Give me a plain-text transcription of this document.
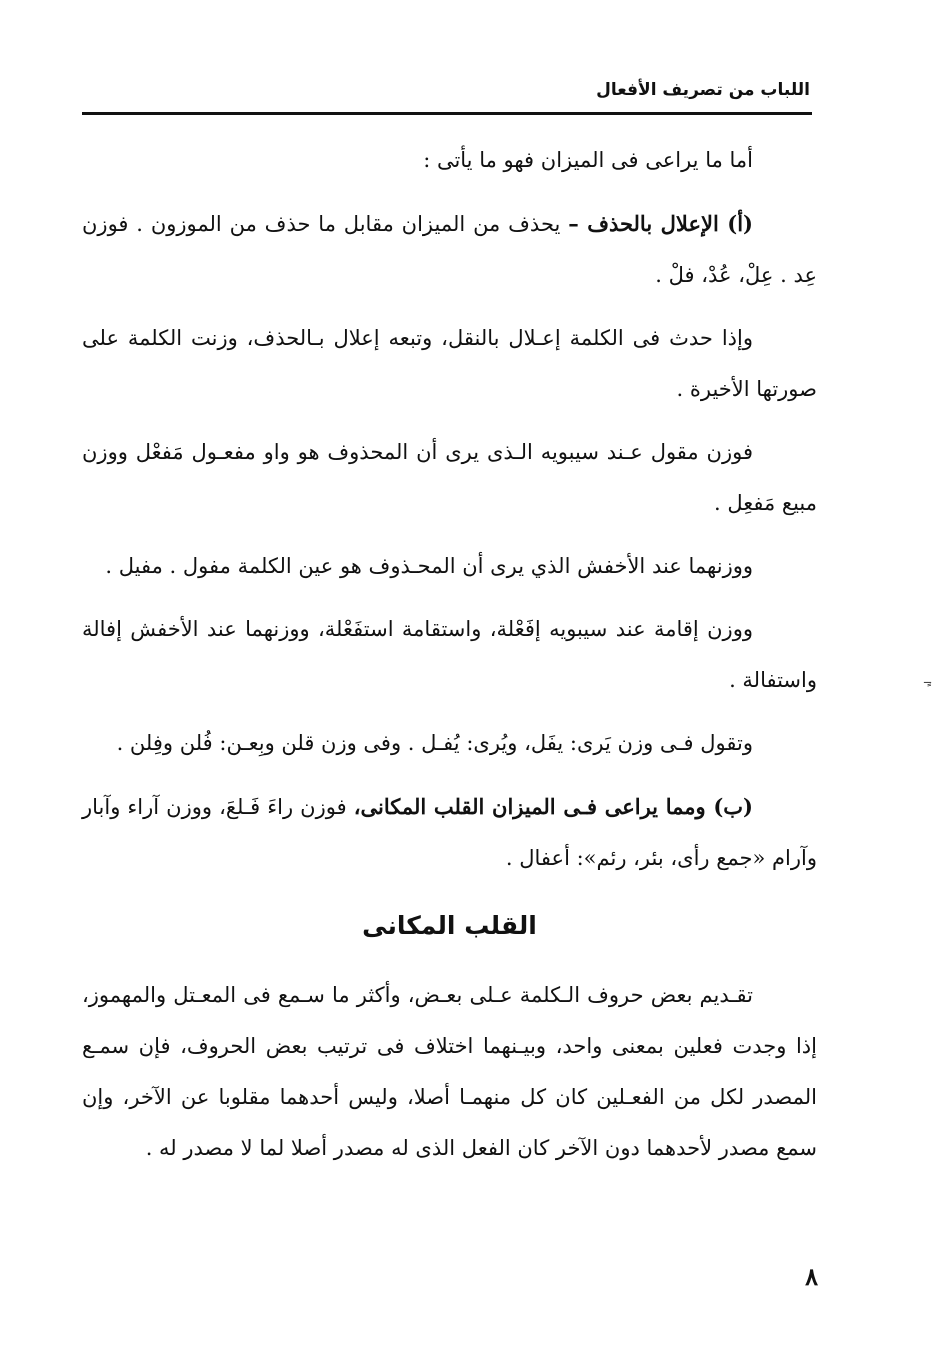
اللباب من تصريف الأفعال

أما ما يراعى فى الميزان فهو ما يأتى :

(أ) الإعلال بالحذف – يحذف من الميزان مقابل ما حذف من الموزون . فوزن عِد . عِلْ، عُدْ، فلْ .

وإذا حدث فى الكلمة إعـلال بالنقل، وتبعه إعلال بـالحذف، وزنت الكلمة على صورتها الأخيرة .

فوزن مقول عـند سيبويه الـذى يرى أن المحذوف هو واو مفعـول مَفعْل ووزن مبيع مَفعِل .

ووزنهما عند الأخفش الذي يرى أن المحـذوف هو عين الكلمة مفول . مفيل .

ووزن إقامة عند سيبويه إفَعْلة، واستقامة استفَعْلة، ووزنهما عند الأخفش إفالة واستفالة .

وتقول فـى وزن يَرى: يفَل، ويُرى: يُفـل . وفى وزن قلن وبِعـن: فُلن وفِلن .

(ب) ومما يراعى فـى الميزان القلب المكانى، فوزن راءَ فَـلعَ، ووزن آراء وآبار وآرام «جمع رأى، بئر، رئم»: أعفال .

القلب المكانى

تقـديم بعض حروف الـكلمة عـلى بعـض، وأكثر ما سـمع فى المعـتل والمهموز، إذا وجدت فعلين بمعنى واحد، وبيـنهما اختلاف فى ترتيب بعض الحروف، فإن سمـع المصدر لكل من الفعـلين كان كل منهمـا أصلا، وليس أحدهما مقلوبا عن الآخر، وإن سمع مصدر لأحدهما دون الآخر كان الفعل الذى له مصدر أصلا لما لا مصدر له .

٨
ـٍٍـ
